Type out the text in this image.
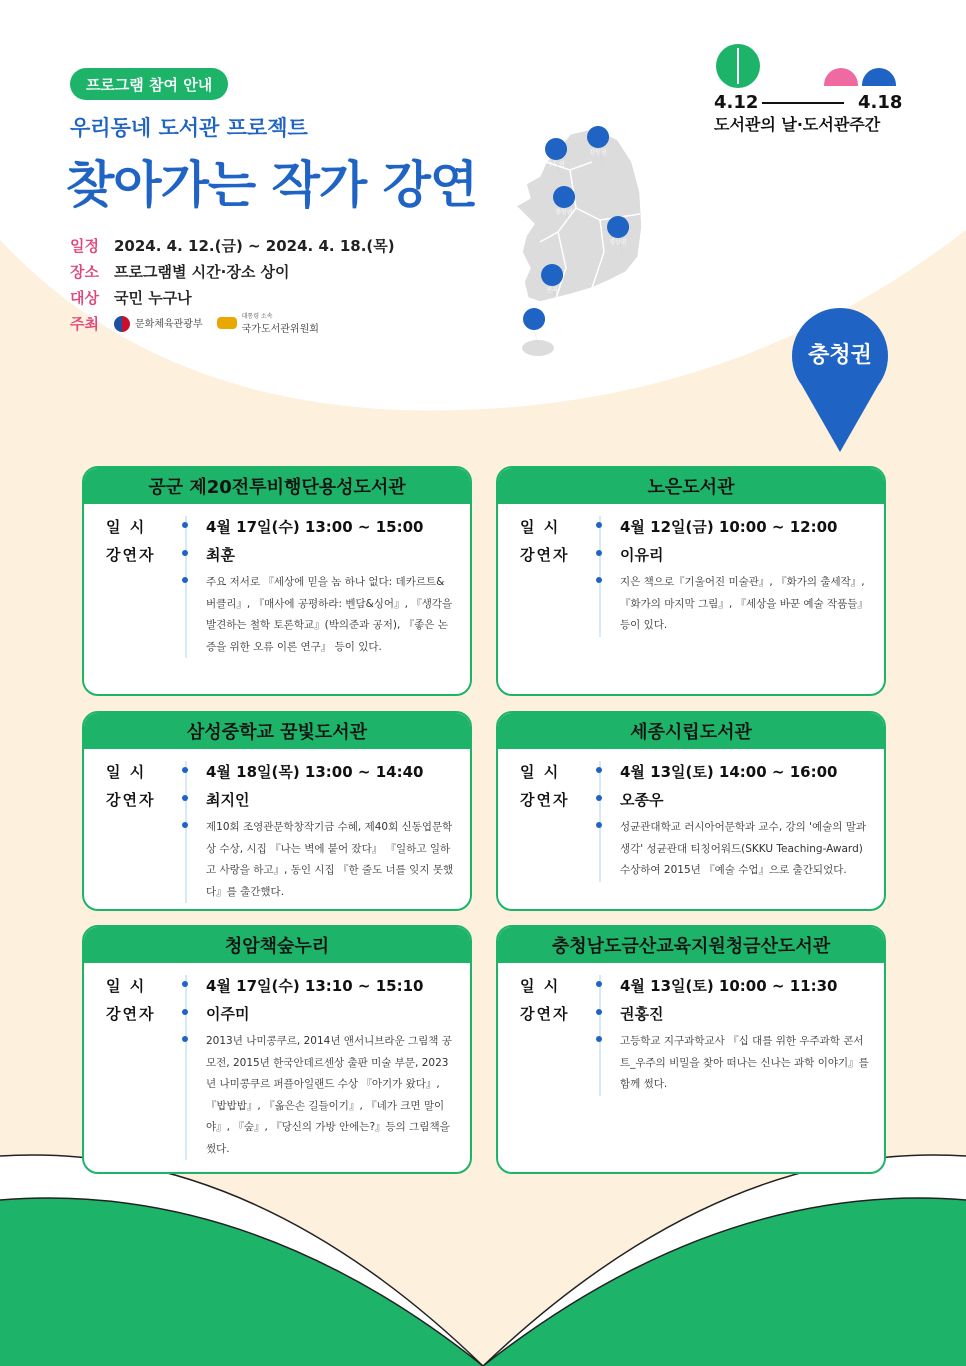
프로그램 참여 안내
우리동네 도서관 프로젝트
찾아가는 작가 강연
일정	2024. 4. 12.(금) ~ 2024. 4. 18.(목)
장소	프로그램별 시간·장소 상이
대상	국민 누구나
주최	문화체육관광부
대통령 소속
국가도서관위원회
수도권
강원권
충청권
경상권
전라
제주
4.12	4.18
도서관의 날·도서관주간
충청권
공군 제20전투비행단용성도서관
일 시	4월 17일(수) 13:00 ~ 15:00
강연자	최훈
주요 저서로 『세상에 믿을 놈 하나 없다: 데카르트& 버클리』, 『매사에 공평하라: 벤담&싱어』, 『생각을 발견하는 철학 토론학교』(박의준과 공저), 『좋은 논증을 위한 오류 이론 연구』 등이 있다.
노은도서관
일 시	4월 12일(금) 10:00 ~ 12:00
강연자	이유리
지은 책으로『기울어진 미술관』, 『화가의 출세작』, 『화가의 마지막 그림』, 『세상을 바꾼 예술 작품들』 등이 있다.
삼성중학교 꿈빛도서관
일 시	4월 18일(목) 13:00 ~ 14:40
강연자	최지인
제10회 조영관문학창작기금 수혜, 제40회 신동엽문학상 수상, 시집 『나는 벽에 붙어 잤다』 『일하고 일하고 사랑을 하고』, 동인 시집 『한 줄도 너를 잊지 못했다』를 출간했다.
세종시립도서관
일 시	4월 13일(토) 14:00 ~ 16:00
강연자	오종우
성균관대학교 러시아어문학과 교수, 강의 '예술의 말과 생각' 성균관대 티칭어워드(SKKU Teaching-Award) 수상하여 2015년 『예술 수업』으로 출간되었다.
청암책숲누리
일 시	4월 17일(수) 13:10 ~ 15:10
강연자	이주미
2013년 나미콩쿠르, 2014년 앤서니브라운 그림책 공모전, 2015년 한국안데르센상 출판 미술 부문, 2023년 나미콩쿠르 퍼플아일랜드 수상 『아기가 왔다』, 『밥밥밥』, 『옮은손 길들이기』, 『네가 크면 말이야』, 『숲』, 『당신의 가방 안에는?』등의 그림책을 썼다.
충청남도금산교육지원청금산도서관
일 시	4월 13일(토) 10:00 ~ 11:30
강연자	권홍진
고등학교 지구과학교사 『십 대를 위한 우주과학 콘서트_우주의 비밀을 찾아 떠나는 신나는 과학 이야기』를 함께 썼다.
